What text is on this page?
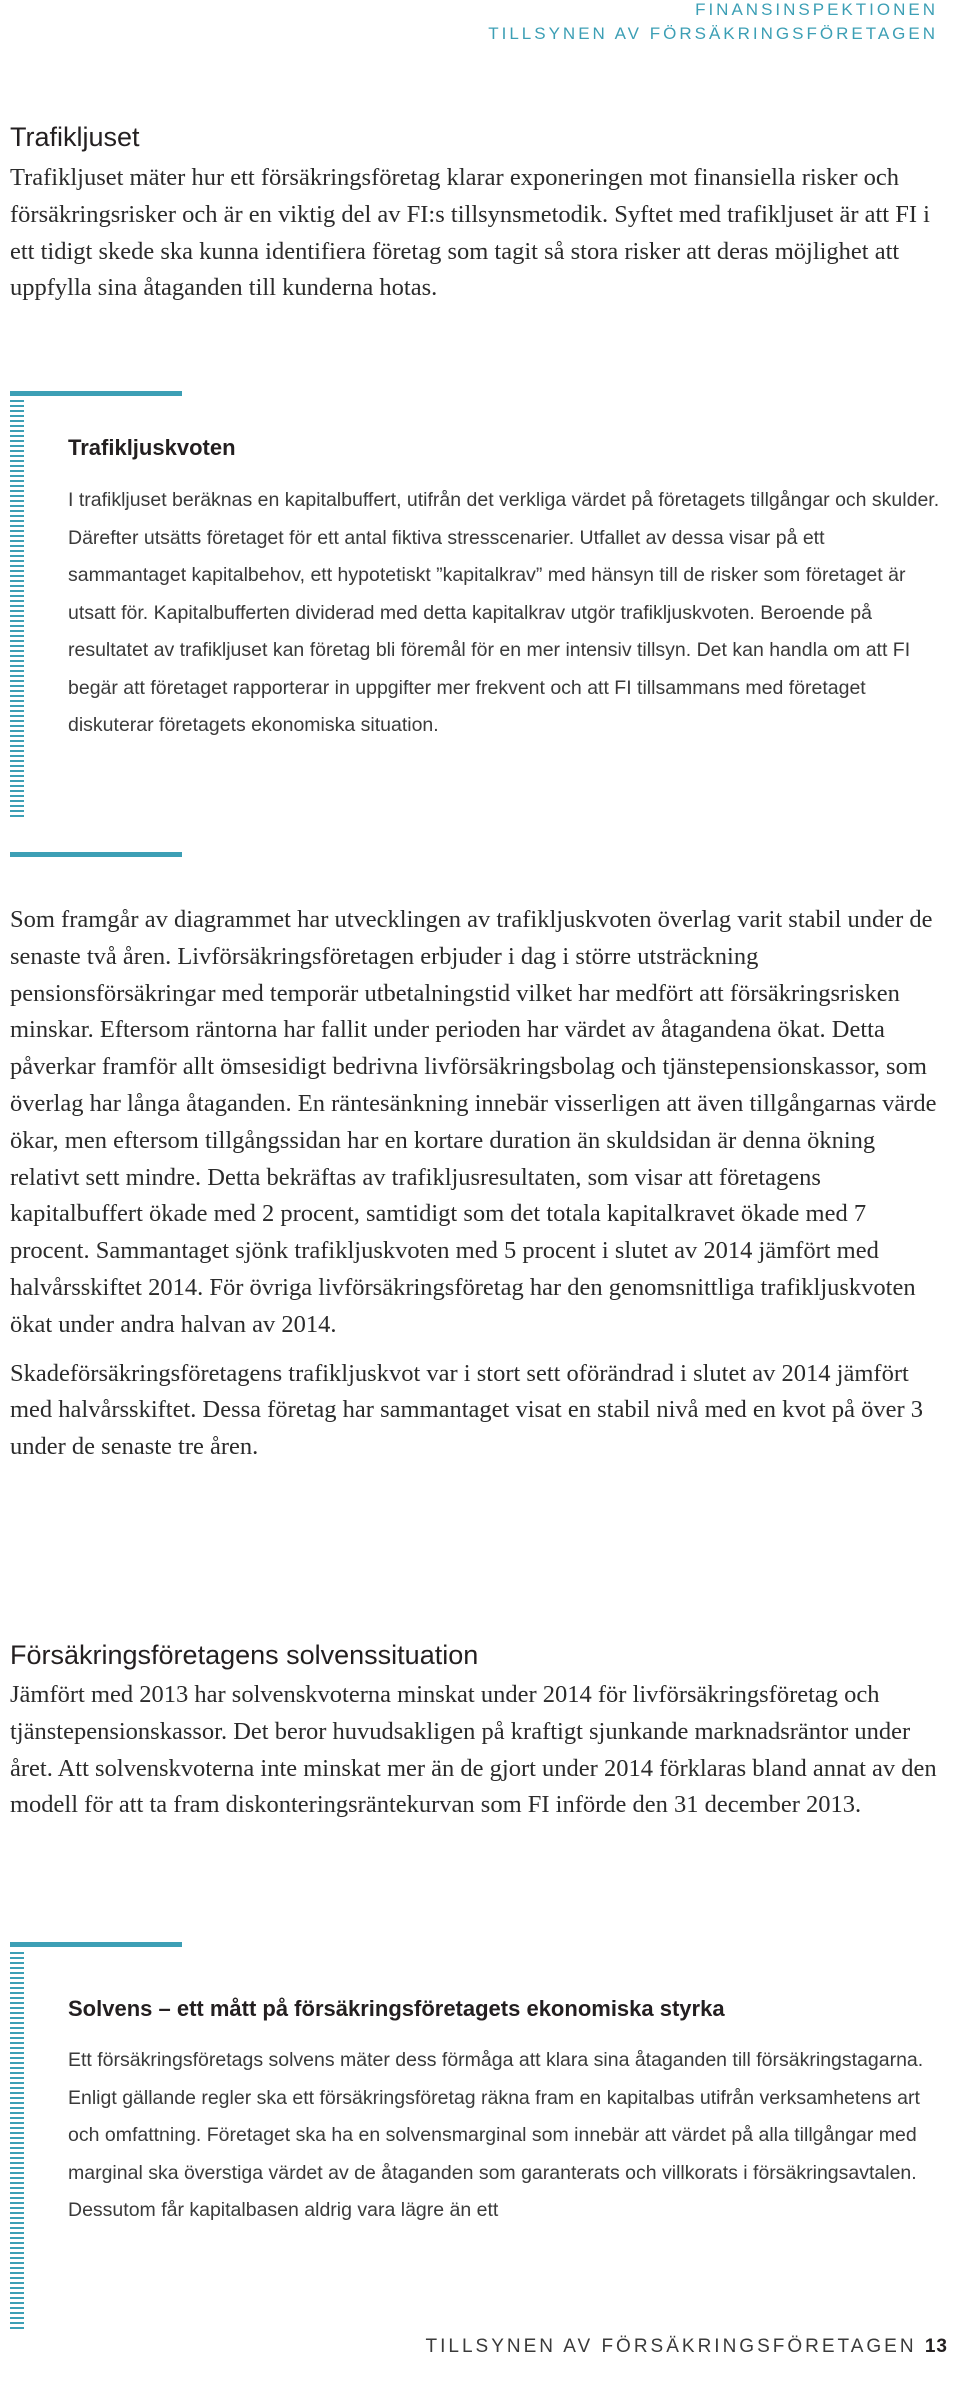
FINANSINSPEKTIONEN
TILLSYNEN AV FÖRSÄKRINGSFÖRETAGEN
Trafikljuset

Trafikljuset mäter hur ett försäkringsföretag klarar exponeringen mot finansiella risker och försäkringsrisker och är en viktig del av FI:s tillsynsmetodik. Syftet med trafikljuset är att FI i ett tidigt skede ska kunna identifiera företag som tagit så stora risker att deras möjlighet att uppfylla sina åtaganden till kunderna hotas.

Trafikljuskvoten
I trafikljuset beräknas en kapitalbuffert, utifrån det verkliga värdet på företagets tillgångar och skulder. Därefter utsätts företaget för ett antal fiktiva stresscenarier. Utfallet av dessa visar på ett sammantaget kapitalbehov, ett hypotetiskt ”kapitalkrav” med hänsyn till de risker som företaget är utsatt för. Kapitalbufferten dividerad med detta kapitalkrav utgör trafikljuskvoten. Beroende på resultatet av trafikljuset kan företag bli föremål för en mer intensiv tillsyn. Det kan handla om att FI begär att företaget rapporterar in uppgifter mer frekvent och att FI tillsammans med företaget diskuterar företagets ekonomiska situation.

Som framgår av diagrammet har utvecklingen av trafikljuskvoten överlag varit stabil under de senaste två åren. Livförsäkringsföretagen erbjuder i dag i större utsträckning pensionsförsäkringar med temporär utbetalningstid vilket har medfört att försäkringsrisken minskar. Eftersom räntorna har fallit under perioden har värdet av åtagandena ökat. Detta påverkar framför allt ömsesidigt bedrivna livförsäkringsbolag och tjänstepensionskassor, som överlag har långa åtaganden. En räntesänkning innebär visserligen att även tillgångarnas värde ökar, men eftersom tillgångssidan har en kortare duration än skuldsidan är denna ökning relativt sett mindre. Detta bekräftas av trafikljusresultaten, som visar att företagens kapitalbuffert ökade med 2 procent, samtidigt som det totala kapitalkravet ökade med 7 procent. Sammantaget sjönk trafikljuskvoten med 5 procent i slutet av 2014 jämfört med halvårsskiftet 2014. För övriga livförsäkringsföretag har den genomsnittliga trafikljuskvoten ökat under andra halvan av 2014.

Skadeförsäkringsföretagens trafikljuskvot var i stort sett oförändrad i slutet av 2014 jämfört med halvårsskiftet. Dessa företag har sammantaget visat en stabil nivå med en kvot på över 3 under de senaste tre åren.

Försäkringsföretagens solvenssituation

Jämfört med 2013 har solvenskvoterna minskat under 2014 för livförsäkringsföretag och tjänstepensionskassor. Det beror huvudsakligen på kraftigt sjunkande marknadsräntor under året. Att solvenskvoterna inte minskat mer än de gjort under 2014 förklaras bland annat av den modell för att ta fram diskonteringsräntekurvan som FI införde den 31 december 2013.

Solvens – ett mått på försäkringsföretagets ekonomiska styrka
Ett försäkringsföretags solvens mäter dess förmåga att klara sina åtaganden till försäkringstagarna. Enligt gällande regler ska ett försäkringsföretag räkna fram en kapitalbas utifrån verksamhetens art och omfattning. Företaget ska ha en solvensmarginal som innebär att värdet på alla tillgångar med marginal ska överstiga värdet av de åtaganden som garanterats och villkorats i försäkringsavtalen. Dessutom får kapitalbasen aldrig vara lägre än ett
TILLSYNEN AV FÖRSÄKRINGSFÖRETAGEN 13
